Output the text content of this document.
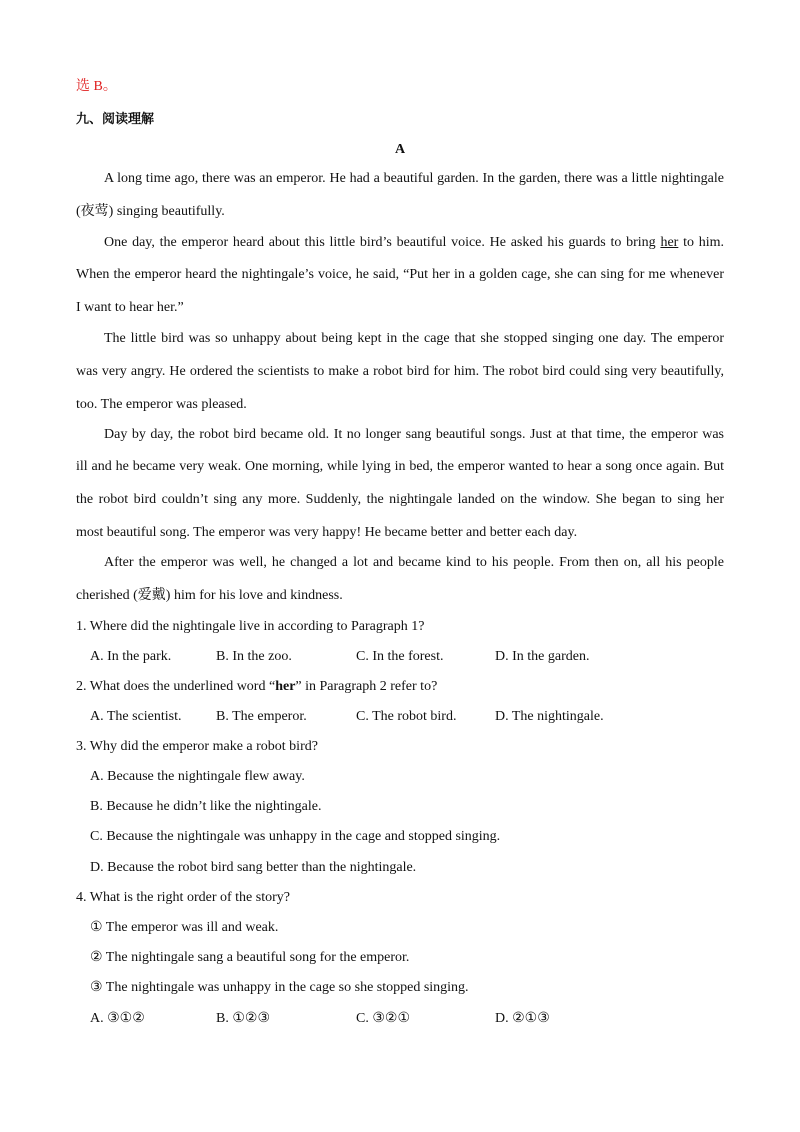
选 B。
九、阅读理解
A
A long time ago, there was an emperor. He had a beautiful garden. In the garden, there was a little nightingale
(夜莺) singing beautifully.
One day, the emperor heard about this little bird’s beautiful voice. He asked his guards to bring her to him.
When the emperor heard the nightingale’s voice, he said, “Put her in a golden cage, she can sing for me whenever
I want to hear her.”
The little bird was so unhappy about being kept in the cage that she stopped singing one day. The emperor
was very angry. He ordered the scientists to make a robot bird for him. The robot bird could sing very beautifully,
too. The emperor was pleased.
Day by day, the robot bird became old. It no longer sang beautiful songs. Just at that time, the emperor was
ill and he became very weak. One morning, while lying in bed, the emperor wanted to hear a song once again. But
the robot bird couldn’t sing any more. Suddenly, the nightingale landed on the window. She began to sing her
most beautiful song. The emperor was very happy! He became better and better each day.
After the emperor was well, he changed a lot and became kind to his people. From then on, all his people
cherished (爱戴) him for his love and kindness.
1. Where did the nightingale live in according to Paragraph 1?
A. In the park.	B. In the zoo.	C. In the forest.	D. In the garden.
2. What does the underlined word “her” in Paragraph 2 refer to?
A. The scientist. B. The emperor.	C. The robot bird.	D. The nightingale.
3. Why did the emperor make a robot bird?
A. Because the nightingale flew away.
B. Because he didn’t like the nightingale.
C. Because the nightingale was unhappy in the cage and stopped singing.
D. Because the robot bird sang better than the nightingale.
4. What is the right order of the story?
① The emperor was ill and weak.
② The nightingale sang a beautiful song for the emperor.
③ The nightingale was unhappy in the cage so she stopped singing.
A. ③①②	B. ①②③	C. ③②①	D. ②①③
